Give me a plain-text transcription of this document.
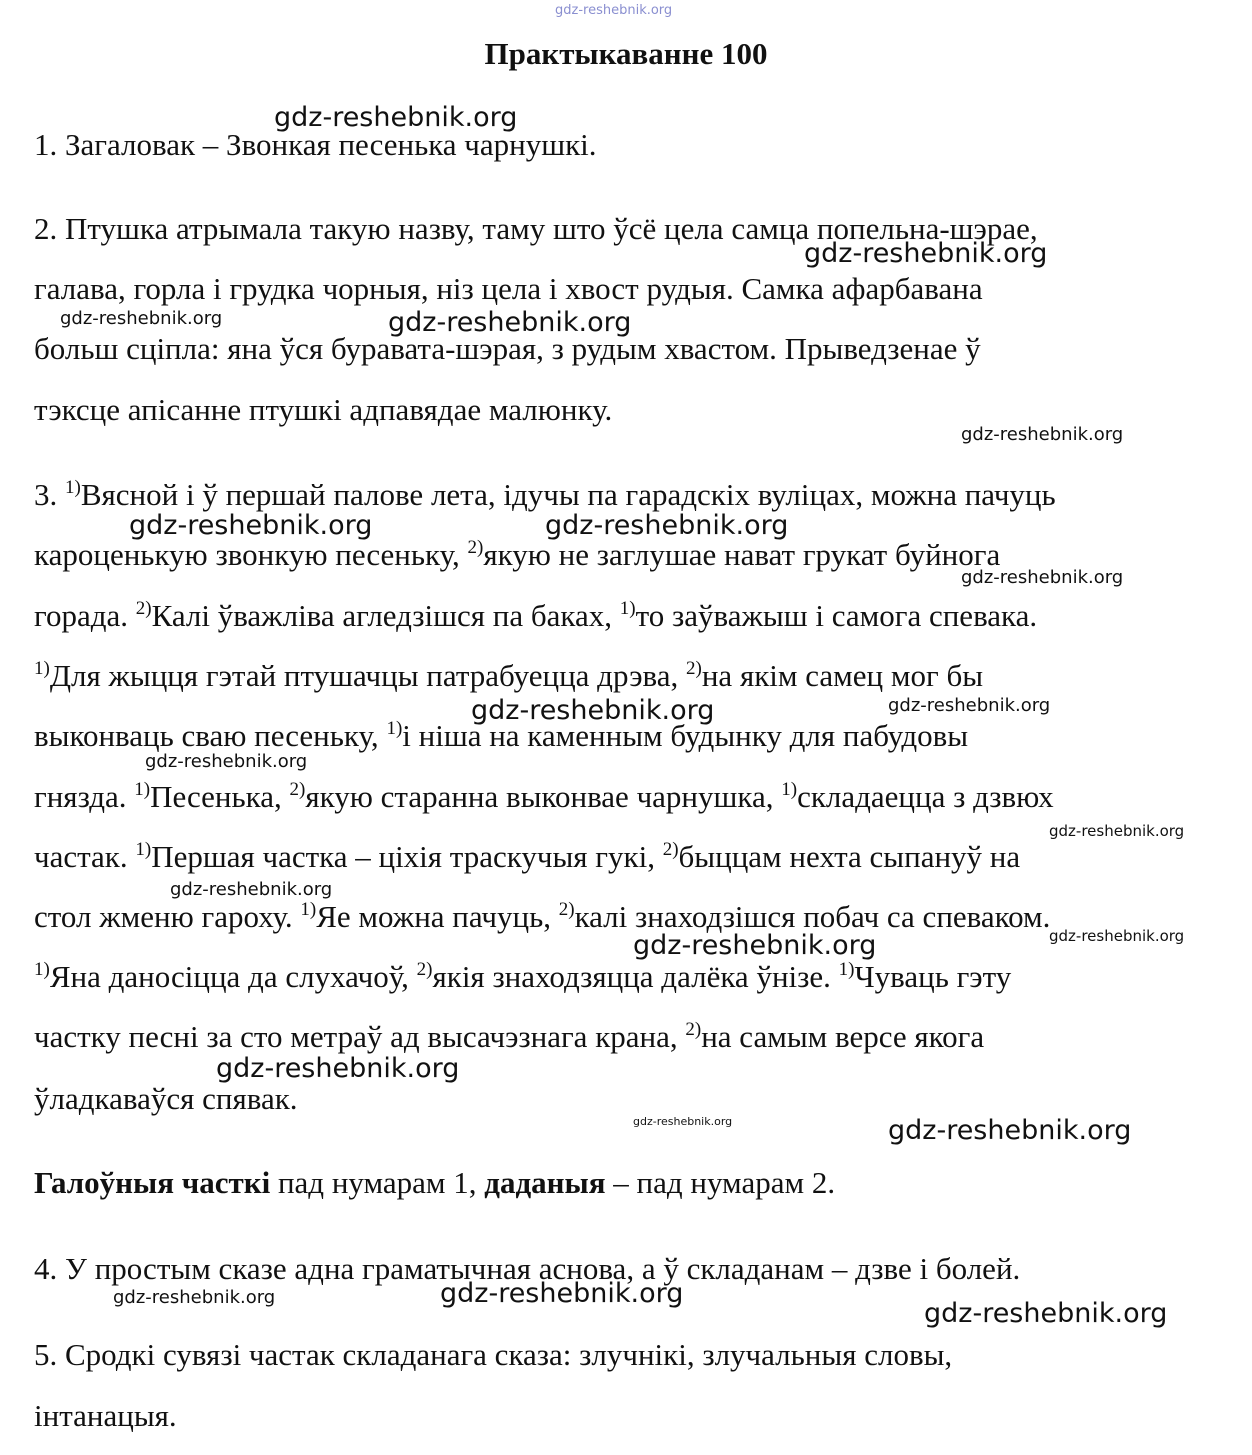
Практыкаванне 100
1. Загаловак – Звонкая песенька чарнушкі.
2. Птушка атрымала такую назву, таму што ўсё цела самца попельна-шэрае,
галава, горла і грудка чорныя, ніз цела і хвост рудыя. Самка афарбавана
больш сціпла: яна ўся буравата-шэрая, з рудым хвастом. Прыведзенае ў
тэксце апісанне птушкі адпавядае малюнку.
3. $^{1)}$Вясной і ў першай палове лета, ідучы па гарадскіх вуліцах, можна пачуць
кароценькую звонкую песеньку, $^{2)}$якую не заглушае нават грукат буйнога
горада. $^{2)}$Калі ўважліва агледзішся па баках, $^{1)}$то заўважыш і самога спевака.
$^{1)}$Для жыцця гэтай птушачцы патрабуецца дрэва, $^{2)}$на якім самец мог бы
выконваць сваю песеньку, $^{1)}$і ніша на каменным будынку для пабудовы
гнязда. $^{1)}$Песенька, $^{2)}$якую старанна выконвае чарнушка, $^{1)}$складаецца з дзвюх
частак. $^{1)}$Першая частка – ціхія траскучыя гукі, $^{2)}$быццам нехта сыпануў на
стол жменю гароху. $^{1)}$Яе можна пачуць, $^{2)}$калі знаходзішся побач са спеваком.
$^{1)}$Яна даносіцца да слухачоў, $^{2)}$якія знаходзяцца далёка ўнізе. $^{1)}$Чуваць гэту
частку песні за сто метраў ад высачэзнага крана, $^{2)}$на самым версе якога
ўладкаваўся спявак.
Галоўныя часткі пад нумарам 1, даданыя – пад нумарам 2.
4. У простым сказе адна граматычная аснова, а ў складанам – дзве і болей.
5. Сродкі сувязі частак складанага сказа: злучнікі, злучальныя словы,
інтанацыя.
gdz-reshebnik.org
gdz-reshebnik.org
gdz-reshebnik.org
gdz-reshebnik.org	gdz-reshebnik.org
gdz-reshebnik.org
gdz-reshebnik.org	gdz-reshebnik.org
gdz-reshebnik.org
gdz-reshebnik.org	gdz-reshebnik.org
gdz-reshebnik.org
gdz-reshebnik.org
gdz-reshebnik.org
gdz-reshebnik.org
gdz-reshebnik.org
gdz-reshebnik.org
gdz-reshebnik.org	gdz-reshebnik.org
gdz-reshebnik.org	gdz-reshebnik.org
gdz-reshebnik.org
